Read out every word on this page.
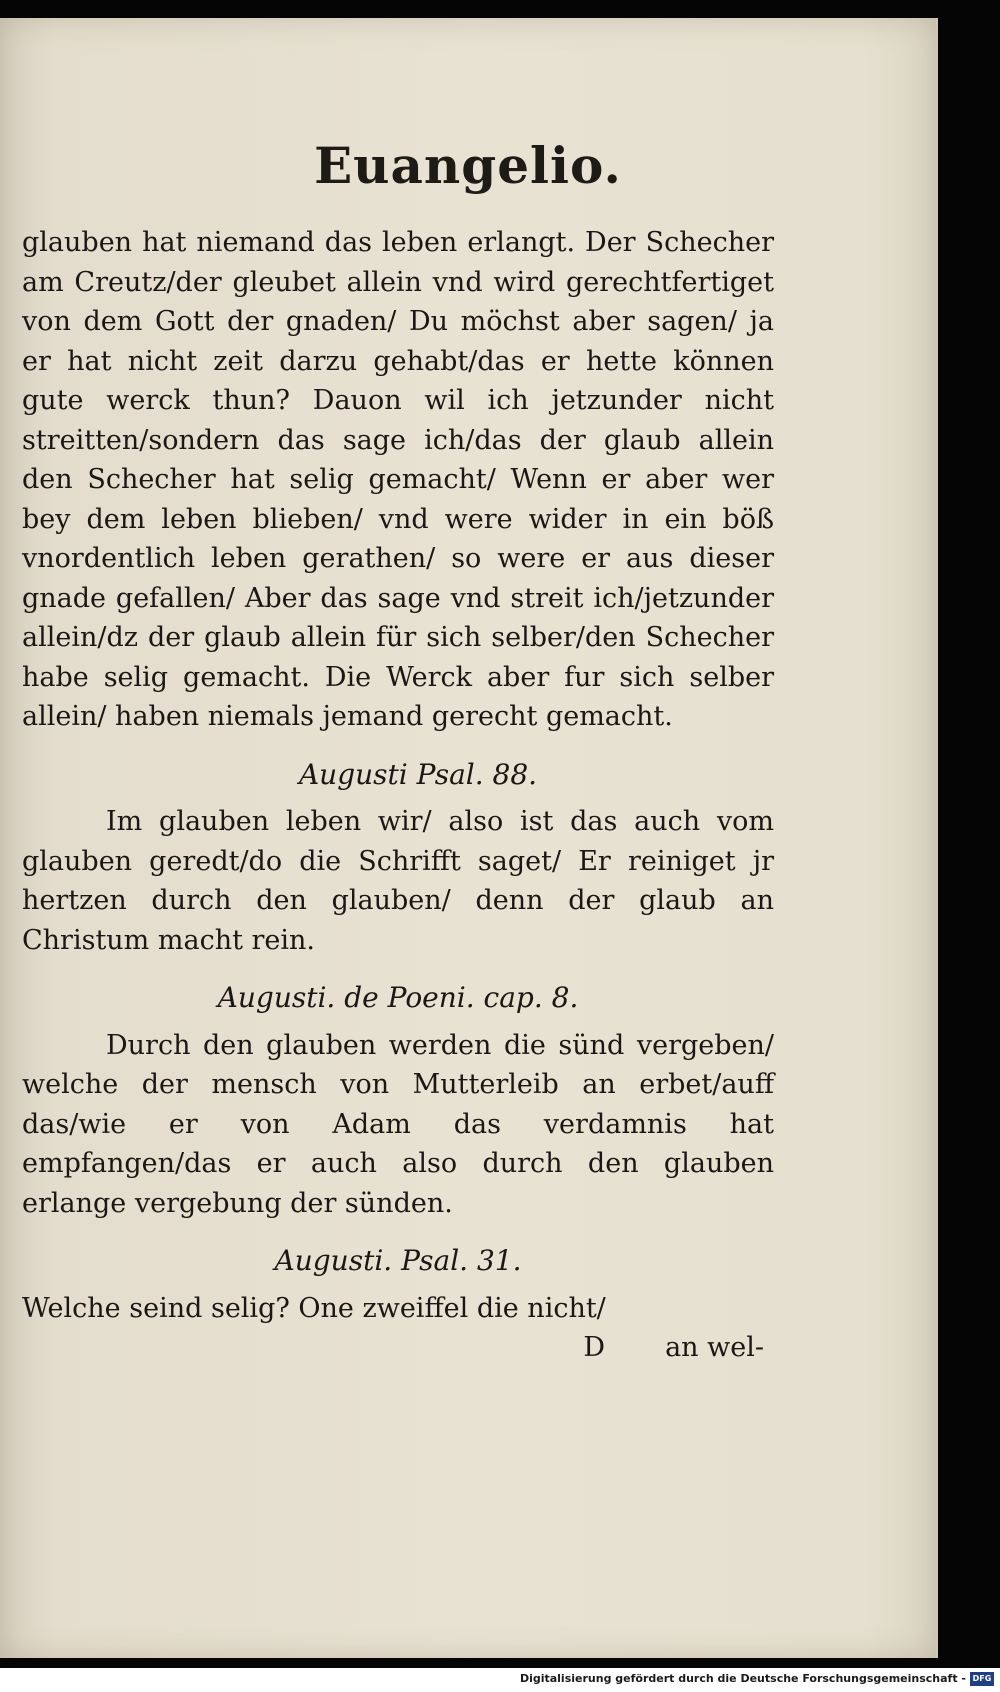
Euangelio.

glauben hat niemand das leben erlangt. Der Schecher am Creutz/der gleubet allein vnd wird gerechtfertiget von dem Gott der gnaden/ Du möchst aber sagen/ ja er hat nicht zeit darzu gehabt/das er hette können gute werck thun? Dauon wil ich jetzunder nicht streitten/sondern das sage ich/das der glaub allein den Schecher hat selig gemacht/ Wenn er aber wer bey dem leben blieben/ vnd were wider in ein böß vnordentlich leben gerathen/ so were er aus dieser gnade gefallen/ Aber das sage vnd streit ich/jetzunder allein/dz der glaub allein für sich selber/den Schecher habe selig gemacht. Die Werck aber fur sich selber allein/ haben niemals jemand gerecht gemacht.

Augusti Psal. 88.

Im glauben leben wir/ also ist das auch vom glauben geredt/do die Schrifft saget/ Er reiniget jr hertzen durch den glauben/ denn der glaub an Christum macht rein.

Augusti. de Poeni. cap. 8.

Durch den glauben werden die sünd vergeben/ welche der mensch von Mutterleib an erbet/auff das/wie er von Adam das verdamnis hat empfangen/das er auch also durch den glauben erlange vergebung der sünden.

Augusti. Psal. 31.

Welche seind selig? One zweiffel die nicht/

D an wel-
Digitalisierung gefördert durch die Deutsche Forschungsgemeinschaft - DFG
